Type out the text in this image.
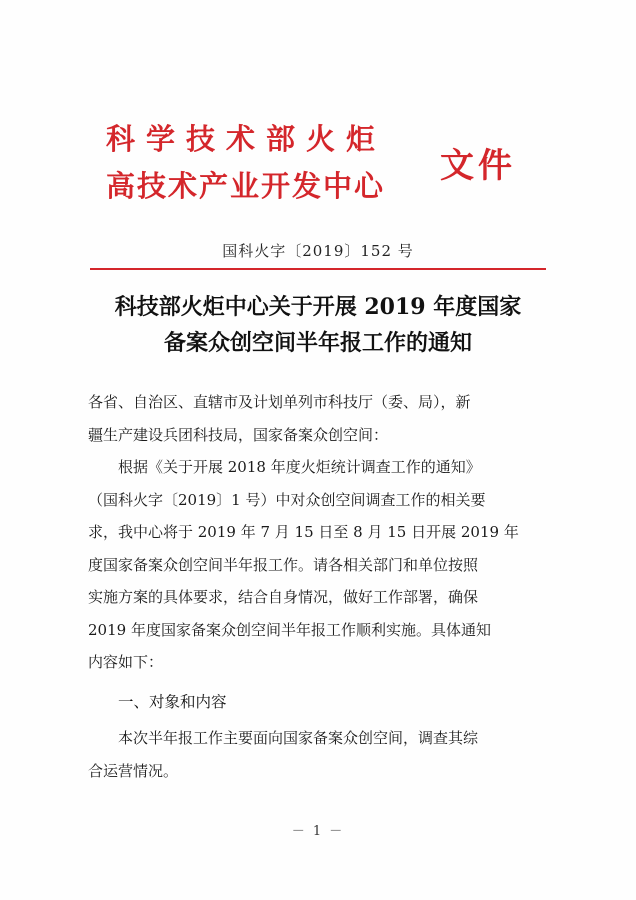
科学技术部火炬
高技术产业开发中心	文件
国科火字〔2019〕152 号
科技部火炬中心关于开展 2019 年度国家
备案众创空间半年报工作的通知
各省、自治区、直辖市及计划单列市科技厅（委、局），新
疆生产建设兵团科技局，国家备案众创空间：
根据《关于开展 2018 年度火炬统计调查工作的通知》
（国科火字〔2019〕1 号）中对众创空间调查工作的相关要
求，我中心将于 2019 年 7 月 15 日至 8 月 15 日开展 2019 年
度国家备案众创空间半年报工作。请各相关部门和单位按照
实施方案的具体要求，结合自身情况，做好工作部署，确保
2019 年度国家备案众创空间半年报工作顺利实施。具体通知
内容如下：
一、对象和内容
本次半年报工作主要面向国家备案众创空间，调查其综
合运营情况。
－ 1 －
